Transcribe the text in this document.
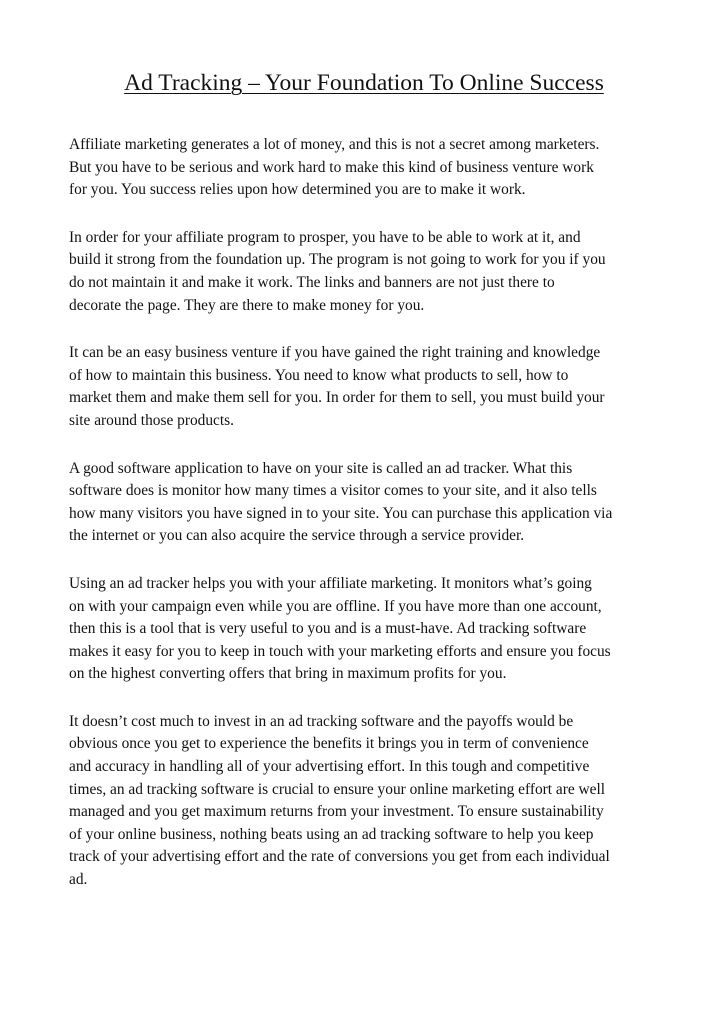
Ad Tracking – Your Foundation To Online Success

Affiliate marketing generates a lot of money, and this is not a secret among marketers.
But you have to be serious and work hard to make this kind of business venture work
for you. You success relies upon how determined you are to make it work.

In order for your affiliate program to prosper, you have to be able to work at it, and
build it strong from the foundation up. The program is not going to work for you if you
do not maintain it and make it work. The links and banners are not just there to
decorate the page. They are there to make money for you.

It can be an easy business venture if you have gained the right training and knowledge
of how to maintain this business. You need to know what products to sell, how to
market them and make them sell for you. In order for them to sell, you must build your
site around those products.

A good software application to have on your site is called an ad tracker. What this
software does is monitor how many times a visitor comes to your site, and it also tells
how many visitors you have signed in to your site. You can purchase this application via
the internet or you can also acquire the service through a service provider.

Using an ad tracker helps you with your affiliate marketing. It monitors what’s going
on with your campaign even while you are offline. If you have more than one account,
then this is a tool that is very useful to you and is a must-have. Ad tracking software
makes it easy for you to keep in touch with your marketing efforts and ensure you focus
on the highest converting offers that bring in maximum profits for you.

It doesn’t cost much to invest in an ad tracking software and the payoffs would be
obvious once you get to experience the benefits it brings you in term of convenience
and accuracy in handling all of your advertising effort. In this tough and competitive
times, an ad tracking software is crucial to ensure your online marketing effort are well
managed and you get maximum returns from your investment. To ensure sustainability
of your online business, nothing beats using an ad tracking software to help you keep
track of your advertising effort and the rate of conversions you get from each individual
ad.
